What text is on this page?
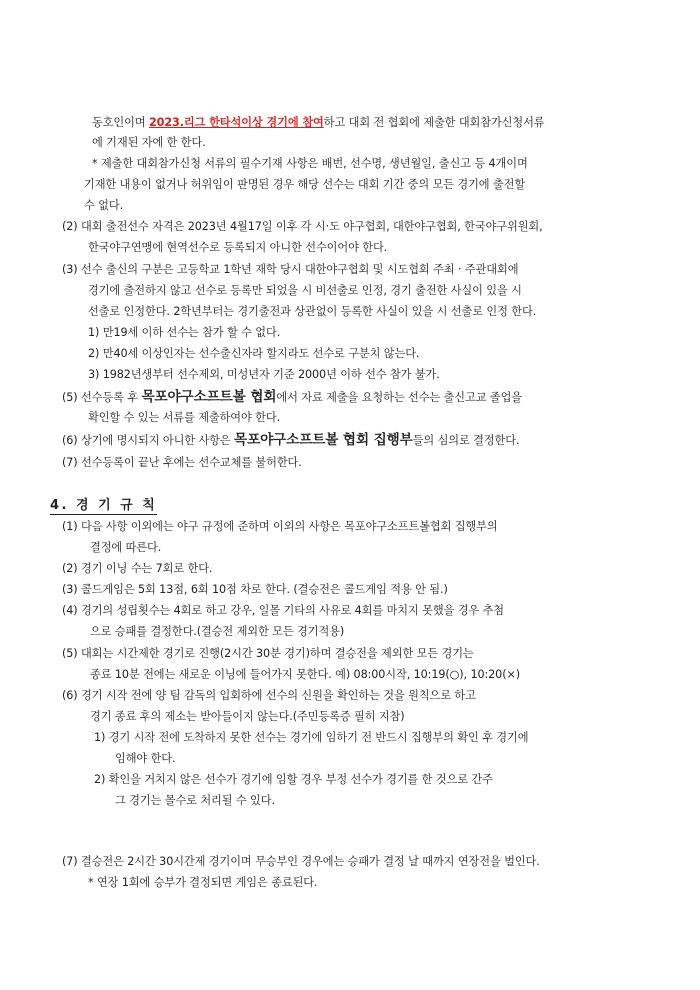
동호인이며 2023.리그 한타석이상 경기에 참여하고 대회 전 협회에 제출한 대회참가신청서류
에 기재된 자에 한 한다.
* 제출한 대회참가신청 서류의 필수기재 사항은 배번, 선수명, 생년월일, 출신고 등 4개이며
기재한 내용이 없거나 허위임이 판명된 경우 해당 선수는 대회 기간 중의 모든 경기에 출전할
수 없다.
(2) 대회 출전선수 자격은 2023년 4월17일 이후 각 시·도 야구협회, 대한야구협회, 한국야구위원회,
한국야구연맹에 현역선수로 등록되지 아니한 선수이어야 한다.
(3) 선수 출신의 구분은 고등학교 1학년 재학 당시 대한야구협회 및 시도협회 주최 · 주관대회에
경기에 출전하지 않고 선수로 등록만 되었을 시 비선출로 인정, 경기 출전한 사실이 있을 시
선출로 인정한다. 2학년부터는 경기출전과 상관없이 등록한 사실이 있을 시 선출로 인정 한다.
1) 만19세 이하 선수는 참가 할 수 없다.
2) 만40세 이상인자는 선수출신자라 할지라도 선수로 구분치 않는다.
3) 1982년생부터 선수제외, 미성년자 기준 2000년 이하 선수 참가 불가.
(5) 선수등록 후 목포야구소프트볼 협회에서 자료 제출을 요청하는 선수는 출신고교 졸업을
확인할 수 있는 서류를 제출하여야 한다.
(6) 상기에 명시되지 아니한 사항은 목포야구소프트볼 협회 집행부들의 심의로 결정한다.
(7) 선수등록이 끝난 후에는 선수교체를 불허한다.
4. 경 기 규 칙
(1) 다음 사항 이외에는 야구 규정에 준하며 이외의 사항은 목포야구소프트볼협회 집행부의
결정에 따른다.
(2) 경기 이닝 수는 7회로 한다.
(3) 콜드게임은 5회 13점, 6회 10점 차로 한다. (결승전은 콜드게임 적용 안 됨.)
(4) 경기의 성립횟수는 4회로 하고 강우, 일몰 기타의 사유로 4회를 마치지 못했을 경우 추첨
으로 승패를 결정한다.(결승전 제외한 모든 경기적용)
(5) 대회는 시간제한 경기로 진행(2시간 30분 경기)하며 결승전을 제외한 모든 경기는
종료 10분 전에는 새로운 이닝에 들어가지 못한다. 예) 08:00시작, 10:19(○), 10:20(×)
(6) 경기 시작 전에 양 팀 감독의 입회하에 선수의 신원을 확인하는 것을 원칙으로 하고
경기 종료 후의 제소는 받아들이지 않는다.(주민등록증 필히 지참)
1) 경기 시작 전에 도착하지 못한 선수는 경기에 임하기 전 반드시 집행부의 확인 후 경기에
임해야 한다.
2) 확인을 거치지 않은 선수가 경기에 임할 경우 부정 선수가 경기를 한 것으로 간주
그 경기는 몰수로 처리될 수 있다.
(7) 결승전은 2시간 30시간제 경기이며 무승부인 경우에는 승패가 결정 날 때까지 연장전을 벌인다.
* 연장 1회에 승부가 결정되면 게임은 종료된다.
